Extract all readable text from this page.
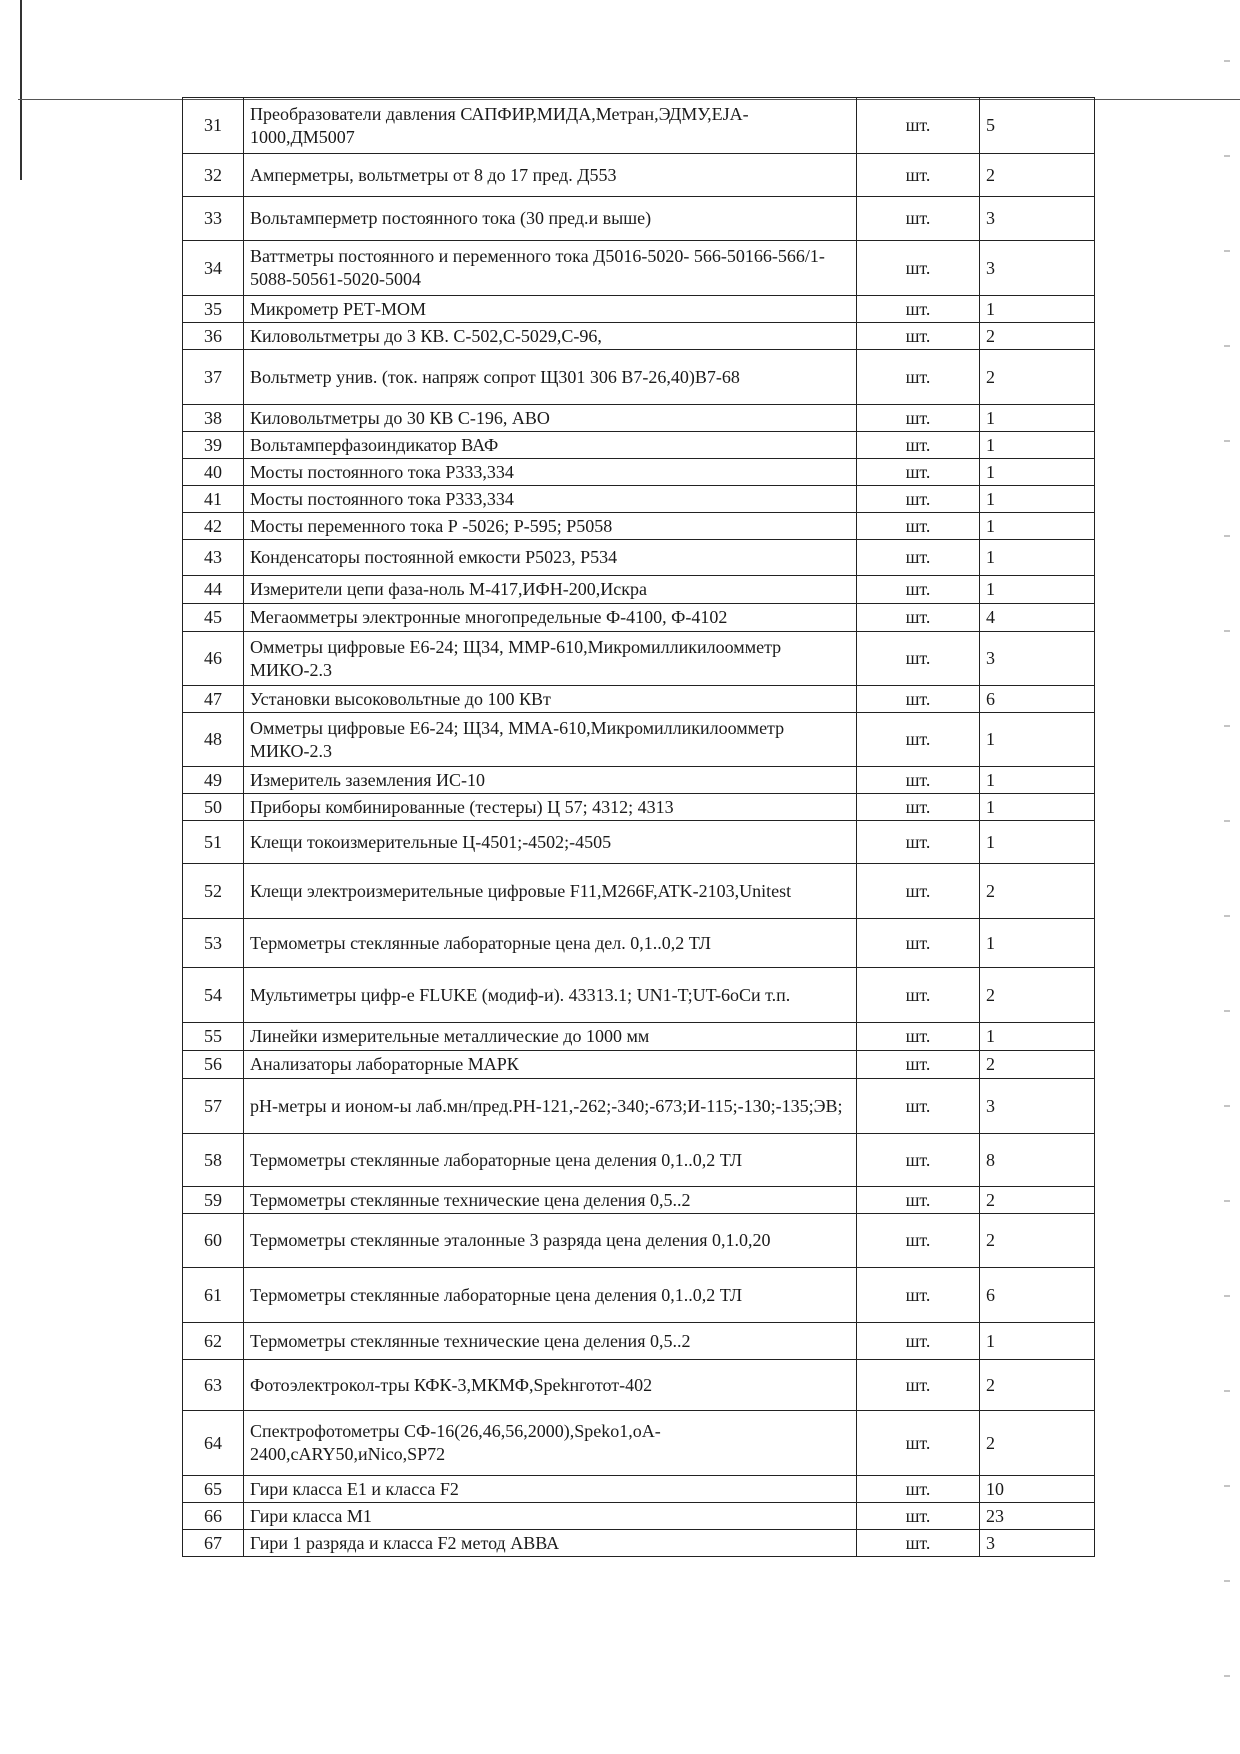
31	Преобразователи давления САПФИР,МИДА,Метран,ЭДМУ,EJA-1000,ДМ5007	шт.	5
32	Амперметры, вольтметры от 8 до 17 пред. Д553	шт.	2
33	Вольтамперметр постоянного тока (30 пред.и выше)	шт.	3
34	Ваттметры постоянного и переменного тока Д5016-5020- 566-50166-566/1-5088-50561-5020-5004	шт.	3
35	Микрометр РЕТ-МОМ	шт.	1
36	Киловольтметры до 3 КВ. С-502,С-5029,С-96,	шт.	2
37	Вольтметр унив. (ток. напряж сопрот Щ301 306 В7-26,40)В7-68	шт.	2
38	Киловольтметры до 30 КВ С-196, АВО	шт.	1
39	Вольтамперфазоиндикатор ВАФ	шт.	1
40	Мосты постоянного тока Р333,334	шт.	1
41	Мосты постоянного тока Р333,334	шт.	1
42	Мосты переменного тока Р -5026; Р-595; Р5058	шт.	1
43	Конденсаторы постоянной емкости Р5023, Р534	шт.	1
44	Измерители цепи фаза-ноль М-417,ИФН-200,Искра	шт.	1
45	Мегаомметры электронные многопредельные Ф-4100, Ф-4102	шт.	4
46	Омметры цифровые Е6-24; Щ34, ММР-610,Микромилликилоомметр МИКО-2.3	шт.	3
47	Установки высоковольтные до 100 КВт	шт.	6
48	Омметры цифровые Е6-24; Щ34, ММА-610,Микромилликилоомметр МИКО-2.3	шт.	1
49	Измеритель заземления ИС-10	шт.	1
50	Приборы комбинированные (тестеры) Ц 57; 4312; 4313	шт.	1
51	Клещи токоизмерительные Ц-4501;-4502;-4505	шт.	1
52	Клещи электроизмерительные цифровые F11,M266F,ATK-2103,Unitest	шт.	2
53	Термометры стеклянные лабораторные цена дел. 0,1..0,2 ТЛ	шт.	1
54	Мультиметры цифр-е FLUKE (модиф-и). 43313.1; UN1-T;UT-6оСи т.п.	шт.	2
55	Линейки измерительные металлические до 1000 мм	шт.	1
56	Анализаторы лабораторные МАРК	шт.	2
57	рН-метры и ионом-ы лаб.мн/пред.РН-121,-262;-340;-673;И-115;-130;-135;ЭВ;	шт.	3
58	Термометры стеклянные лабораторные цена деления 0,1..0,2 ТЛ	шт.	8
59	Термометры стеклянные технические цена деления 0,5..2	шт.	2
60	Термометры стеклянные эталонные 3 разряда цена деления 0,1.0,20	шт.	2
61	Термометры стеклянные лабораторные цена деления 0,1..0,2 ТЛ	шт.	6
62	Термометры стеклянные технические цена деления 0,5..2	шт.	1
63	Фотоэлектрокол-тры КФК-3,МКМФ,Spekнготот-402	шт.	2
64	Спектрофотометры СФ-16(26,46,56,2000),Speko1,oA-2400,cARY50,иNico,SP72	шт.	2
65	Гири класса Е1 и класса F2	шт.	10
66	Гири класса М1	шт.	23
67	Гири 1 разряда и класса F2 метод АВВА	шт.	3
